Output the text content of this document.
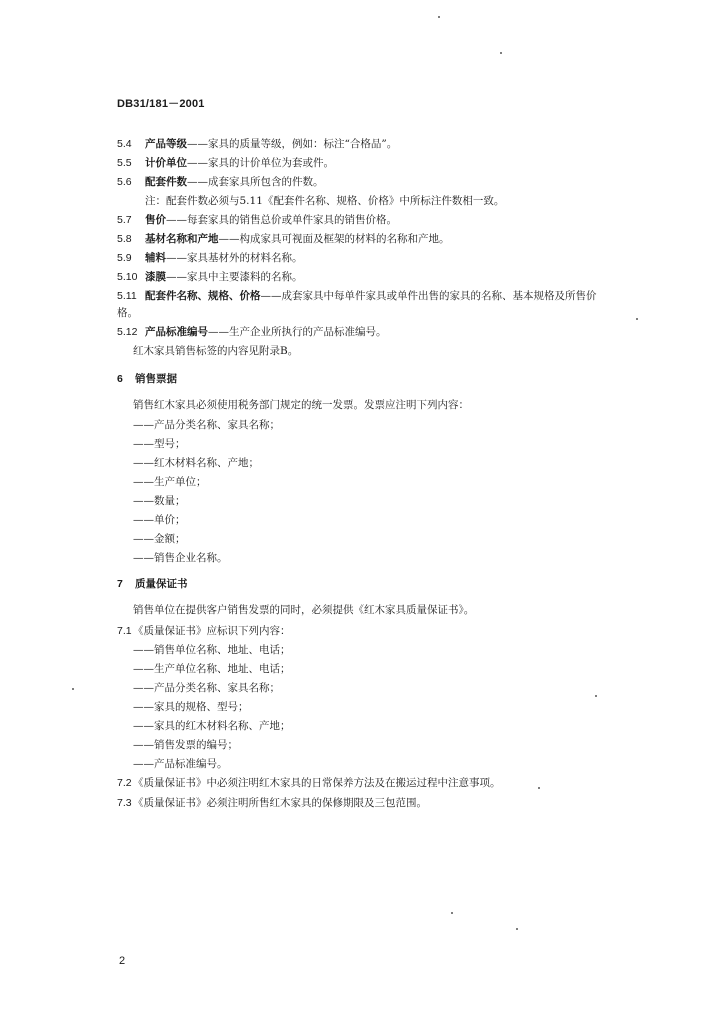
DB31/181－2001
5.4 产品等级——家具的质量等级，例如：标注“合格品”。
5.5 计价单位——家具的计价单位为套或件。
5.6 配套件数——成套家具所包含的件数。
注：配套件数必须与5.11《配套件名称、规格、价格》中所标注件数相一致。
5.7 售价——每套家具的销售总价或单件家具的销售价格。
5.8 基材名称和产地——构成家具可视面及框架的材料的名称和产地。
5.9 辅料——家具基材外的材料名称。
5.10 漆膜——家具中主要漆料的名称。
5.11 配套件名称、规格、价格——成套家具中每单件家具或单件出售的家具的名称、基本规格及所售价
格。
5.12 产品标准编号——生产企业所执行的产品标准编号。
红木家具销售标签的内容见附录B。
6 销售票据
销售红木家具必须使用税务部门规定的统一发票。发票应注明下列内容：
——产品分类名称、家具名称；
——型号；
——红木材料名称、产地；
——生产单位；
——数量；
——单价；
——金额；
——销售企业名称。
7 质量保证书
销售单位在提供客户销售发票的同时，必须提供《红木家具质量保证书》。
7.1《质量保证书》应标识下列内容：
——销售单位名称、地址、电话；
——生产单位名称、地址、电话；
——产品分类名称、家具名称；
——家具的规格、型号；
——家具的红木材料名称、产地；
——销售发票的编号；
——产品标准编号。
7.2《质量保证书》中必须注明红木家具的日常保养方法及在搬运过程中注意事项。
7.3《质量保证书》必须注明所售红木家具的保修期限及三包范围。
2
